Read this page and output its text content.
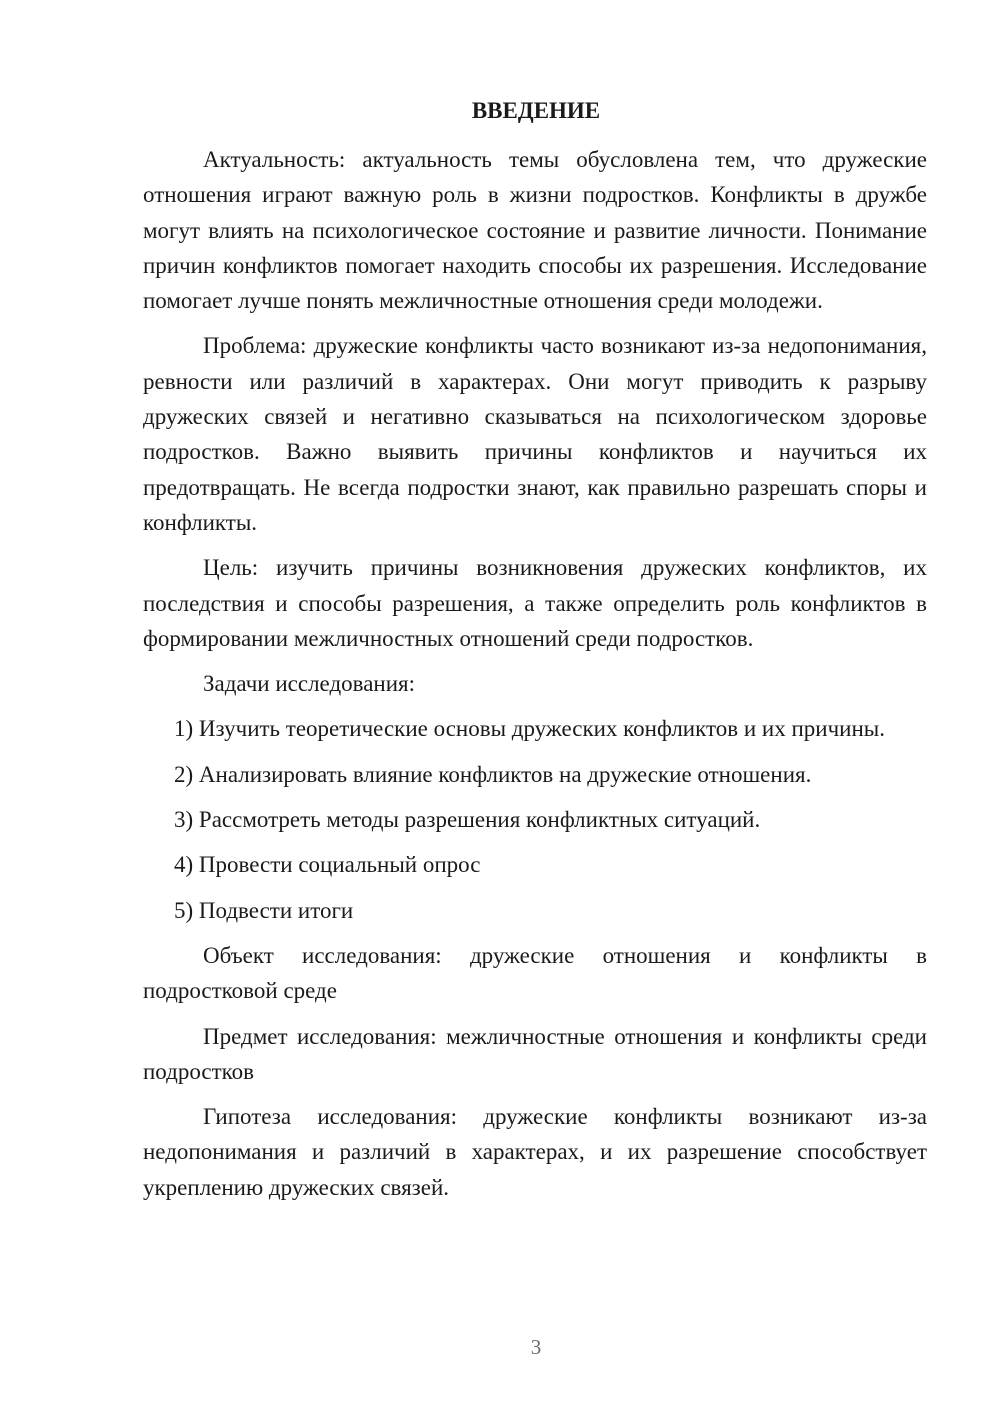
ВВЕДЕНИЕ

Актуальность: актуальность темы обусловлена тем, что дружеские отношения играют важную роль в жизни подростков. Конфликты в дружбе могут влиять на психологическое состояние и развитие личности. Понимание причин конфликтов помогает находить способы их разрешения. Исследование помогает лучше понять межличностные отношения среди молодежи.

Проблема: дружеские конфликты часто возникают из-за недопонимания, ревности или различий в характерах. Они могут приводить к разрыву дружеских связей и негативно сказываться на психологическом здоровье подростков. Важно выявить причины конфликтов и научиться их предотвращать. Не всегда подростки знают, как правильно разрешать споры и конфликты.

Цель: изучить причины возникновения дружеских конфликтов, их последствия и способы разрешения, а также определить роль конфликтов в формировании межличностных отношений среди подростков.

Задачи исследования:

1) Изучить теоретические основы дружеских конфликтов и их причины.

2) Анализировать влияние конфликтов на дружеские отношения.

3) Рассмотреть методы разрешения конфликтных ситуаций.

4) Провести социальный опрос

5) Подвести итоги

Объект исследования: дружеские отношения и конфликты в подростковой среде

Предмет исследования: межличностные отношения и конфликты среди подростков

Гипотеза исследования: дружеские конфликты возникают из-за недопонимания и различий в характерах, и их разрешение способствует укреплению дружеских связей.

3
